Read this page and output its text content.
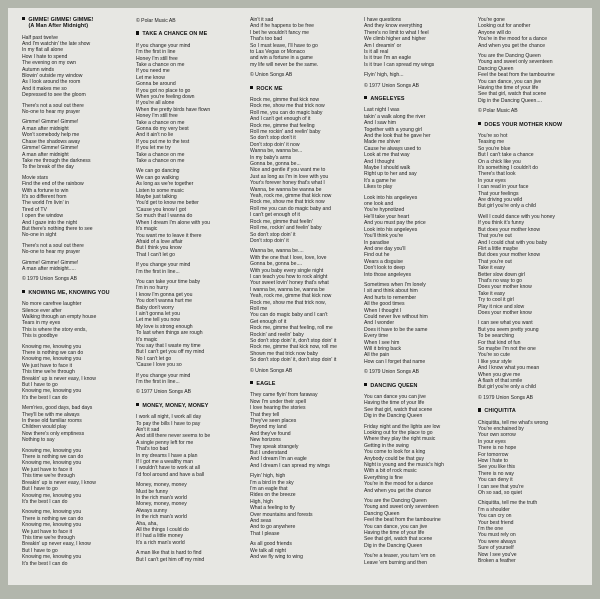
GIMME! GIMME! GIMME!
(A Man After Midnight)
Half past twelve
And I'm watchin' the late show
In my flat all alone
How I hate to spend
The evening on my own
Autumn winds
Blowin' outside my window
As I look around the room
And it makes me so
Depressed to see the gloom
There's not a soul out there
No-one to hear my prayer
Gimme! Gimme! Gimme!
A man after midnight
Won't somebody help me
Chase the shadows away
Gimme! Gimme! Gimme!
A man after midnight
Take me through the darkness
To the break of the day
Movie stars
Find the end of the rainbow
With a fortune to win
It's so different from
The world I'm livin' in
Tired of TV
I open the window
And I gaze into the night
But there's nothing there to see
No-one in sight
There's not a soul out there
No-one to hear my prayer
Gimme! Gimme! Gimme!
A man after midnight.....
© 1979 Union Songs AB
KNOWING ME, KNOWING YOU
No more carefree laughter
Silence ever after
Walking through an empty house
Tears in my eyes
This is where the story ends,
This is goodbye
Knowing me, knowing you
There is nothing we can do
Knowing me, knowing you
We just have to face it
This time we're through
Breakin' up is never easy, I know
But I have to go
Knowing me, knowing you
It's the best I can do
Mem'ries, good days, bad days
They'll be with me always
In these old familiar rooms
Children would play
Now there's only emptiness
Nothing to say
Knowing me, knowing you
There is nothing we can do
Knowing me, knowing you
We just have to face it
This time we're through
Breakin' up is never easy, I know
But I have to go
Knowing me, knowing you
It's the best I can do
Knowing me, knowing you
There is nothing we can do
Knowing me, knowing you
We just have to face it
This time we're through
Breakin' up never easy, I know
But I have to go
Knowing me, knowing you
It's the best I can do
© Polar Music AB
TAKE A CHANCE ON ME
If you change your mind
I'm the first in line
Honey I'm still free
Take a chance on me
If you need me
Let me know
Gonna be around
If you got no place to go
When you're feeling down
If you're all alone
When the pretty birds have flown
Honey I'm still free
Take a chance on me
Gonna do my very best
And it ain't no lie
If you put me to the test
If you let me try
Take a chance on me
Take a chance on me
We can go dancing
We can go walking
As long as we're together
Listen to some music
Maybe just talking
You'd get to know me better
'Cause you know I got
So much that I wanna do
When I dream I'm alone with you
It's magic
You want me to leave it there
Afraid of a love affair
But I think you know
That I can't let go
If you change your mind
I'm the first in line...
You can take your time baby
I'm in no hurry
I know I'm gonna get you
You don't wanna hurt me
Baby don't worry
I ain't gonna let you
Let me tell you now
My love is strong enough
To last when things are rough
It's magic
You say that I waste my time
But I can't get you off my mind
No I can't let go
'Cause I love you so
If you change your mind
I'm the first in line...
© 1977 Union Songs AB
MONEY, MONEY, MONEY
I work all night, I work all day
To pay the bills I have to pay
Ain't it sad
And still there never seems to be
A single penny left for me
That's too bad
In my dreams I have a plan
If I got me a wealthy man
I wouldn't have to work at all
I'd fool around and have a ball
Money, money, money
Must be funny
In the rich man's world
Money, money, money
Always sunny
In the rich man's world
Aha, aha,
All the things I could do
If I had a little money
It's a rich man's world
A man like that is hard to find
But I can't get him off my mind
Ain't it sad
And if he happens to be free
I bet he wouldn't fancy me
That's too bad
So I must leave, I'll have to go
to Las Vegas or Monaco
and win a fortune in a game
my life will never be the same.
© Union Songs AB
ROCK ME
Rock me, gimme that kick now
Rock me, show me that trick now
Roll me, you can do magic baby
And I can't get enough of it
Rock me, gimme that feeling
Roll me rockin' and reelin' baby
So don't stop don't it
Don't stop doin' it now
Wanna be, wanna be...
In my baby's arms
Gonna be, gonna be...
Nice and gentle if you want me to
Just as long as I'm in love with you
Your's forever honey that's what I
Wanna, be wanna be wanna be
Yeah, rock me, gimme that kick now
Rock me, show me that trick now
Roll me you can do magic baby and
I can't get enough of it
Rock me, gimme that feelin'
Roll me, rockin' and feelin' baby
So don't stop doin' it
Don't stop doin' it
Wanna be, wanna be....
With the one that I love, love, love
Gonna be, gonna be....
With you baby every single night
I can teach you how to rock alright
Your sweet lovin' honey that's what
I wanna be, wanna be, wanna be
Yeah, rock me, gimme that kick now
Rock me, show me that trick now,
Roll me
You can do magic baby and I can't
Get enough of it
Rock me, gimme that feeling, roll me
Rockin' and reelin' baby
So don't stop doin' it, don't stop doin' it
Rock me, gimme that kick now, roll me
Shown me that trick now baby
So don't stop doin' it, don't stop doin' it
© Union Songs AB
EAGLE
They came flyin' from faraway
Now I'm under their spell
I love hearing the stories
That they tell
They've seen places
Beyond my land
And they've found
New horizons
They speak strangely
But I understand
And I dream I'm an eagle
And I dream I can spread my wings
Flyin' high, high
I'm a bird in the sky
I'm an eagle that
Rides on the breeze
High, high
What a feeling to fly
Over mountains and forests
And seas
And to go anywhere
That I please
As all good friends
We talk all night
And we fly wing to wing
I have questions
And they know everything
There's no limit to what I feel
We climb higher and higher
Am I dreamin' or
Is it all real
Is it true I'm an eagle
Is it true I can spread my wings
Flyin' high, high...
© 1977 Union Songs AB
ANGELEYES
Last night I was
takin' a walk along the river
And I saw him
Together with a young girl
And the look that he gave her
Made me shiver
Cause he always used to
Look at me that way
And I thought
Maybe I should walk
Right up to her and say
It's a game he
Likes to play
Look into his angeleyes
one look and
You're hypnotized
He'll take your heart
And you must pay the price
Look into his angeleyes
You'll think you're
In paradise
And one day you'll
Find out he
Wears a disguise
Don't look to deep
Into those angeleyes
Sometimes when I'm lonely
I sit and think about him
And hurts to remember
All the good times
When I thought I
Could never live without him
And I wonder
Does it have to be the same
Every time
When I see him
Will it bring back
All the pain
How can I forget that name
© 1979 Union Songs AB
DANCING QUEEN
You can dance you can jive
Having the time of your life
See that girl, watch that scene
Dig in the Dancing Queen
Friday night and the lights are low
Looking out for the place to go
Where they play the right music
Getting in the swing
You come to look for a king
Anybody could be that guy
Night is young and the music's high
With a bit of rock music
Everything is fine
You're in the mood for a dance
And when you get the chance
You are the Dancing Queen
Young and sweet only seventeen
Dancing Queen
Feel the beat from the tambourine
You can dance, you can jive
Having the time of your life
See that girl, watch that scene
Dig in the Dancing Queen
You're a teaser, you turn 'em on
Leave 'em burning and then
You're gone
Looking out for another
Anyone will do
You're in the mood for a dance
And when you get the chance
You are the Dancing Queen
Young and sweet only seventeen
Dancing Queen
Feel the beat from the tambourine
You can dance, you can jive
Having the time of your life
See that girl, watch that scene
Dig in the Dancing Queen....
© Polar Music AB
DOES YOUR MOTHER KNOW
You're so hot
Teasing me
So you're blue
But I can't take a chance
On a chick like you
It's something I couldn't do
There's that look
In your eyes
I can read in your face
That your feelings
Are driving you wild
But girl you're only a child
Well I could dance with you honey
If you think it's funny
But does your mother know
That you're out
And I could chat with you baby
Flirt a little maybe
But does your mother know
That you're out
Take it easy
Better slow down girl
That's no way to go
Does your mother know
Take it easy
Try to cool it girl
Play it nice and slow
Does your mother know
I can see what you want
But you seem pretty young
To be searching
For that kind of fun
So maybe I'm not the one
You're so cute
I like your style
And I know what you mean
When you give me
A flash of that smile
But girl you're only a child
© 1979 Union Songs AB
CHIQUITITA
Chiquitita, tell me what's wrong
You're enchained by
Your own sorrow
In your eyes
There is no hope
For tomorrow
How I hate to
See you like this
There is no way
You can deny it
I can see that you're
Oh so sad, so quiet
Chiquitita, tell me the truth
I'm a shoulder
You can cry on
Your best friend
I'm the one
You must rely on
You were always
Sure of yourself
Now I see you've
Broken a feather
